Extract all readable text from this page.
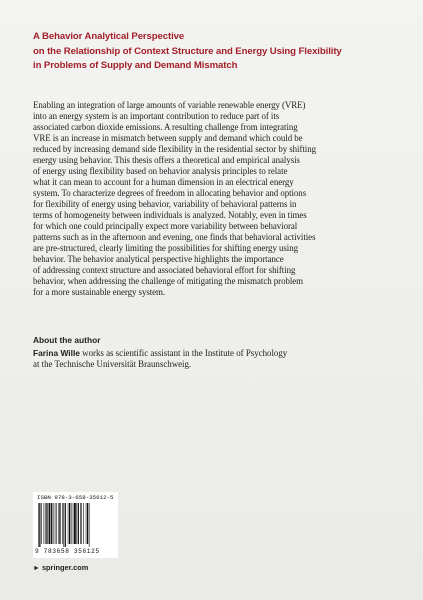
A Behavior Analytical Perspective
on the Relationship of Context Structure and Energy Using Flexibility
in Problems of Supply and Demand Mismatch
Enabling an integration of large amounts of variable renewable energy (VRE)
into an energy system is an important contribution to reduce part of its
associated carbon dioxide emissions. A resulting challenge from integrating
VRE is an increase in mismatch between supply and demand which could be
reduced by increasing demand side flexibility in the residential sector by shifting
energy using behavior. This thesis offers a theoretical and empirical analysis
of energy using flexibility based on behavior analysis principles to relate
what it can mean to account for a human dimension in an electrical energy
system. To characterize degrees of freedom in allocating behavior and options
for flexibility of energy using behavior, variability of behavioral patterns in
terms of homogeneity between individuals is analyzed. Notably, even in times
for which one could principally expect more variability between behavioral
patterns such as in the afternoon and evening, one finds that behavioral activities
are pre-structured, clearly limiting the possibilities for shifting energy using
behavior. The behavior analytical perspective highlights the importance
of addressing context structure and associated behavioral effort for shifting
behavior, when addressing the challenge of mitigating the mismatch problem
for a more sustainable energy system.
About the author
Farina Wille works as scientific assistant in the Institute of Psychology
at the Technische Universität Braunschweig.
ISBN 978-3-658-35612-5
9 783658 356125
► springer.com
